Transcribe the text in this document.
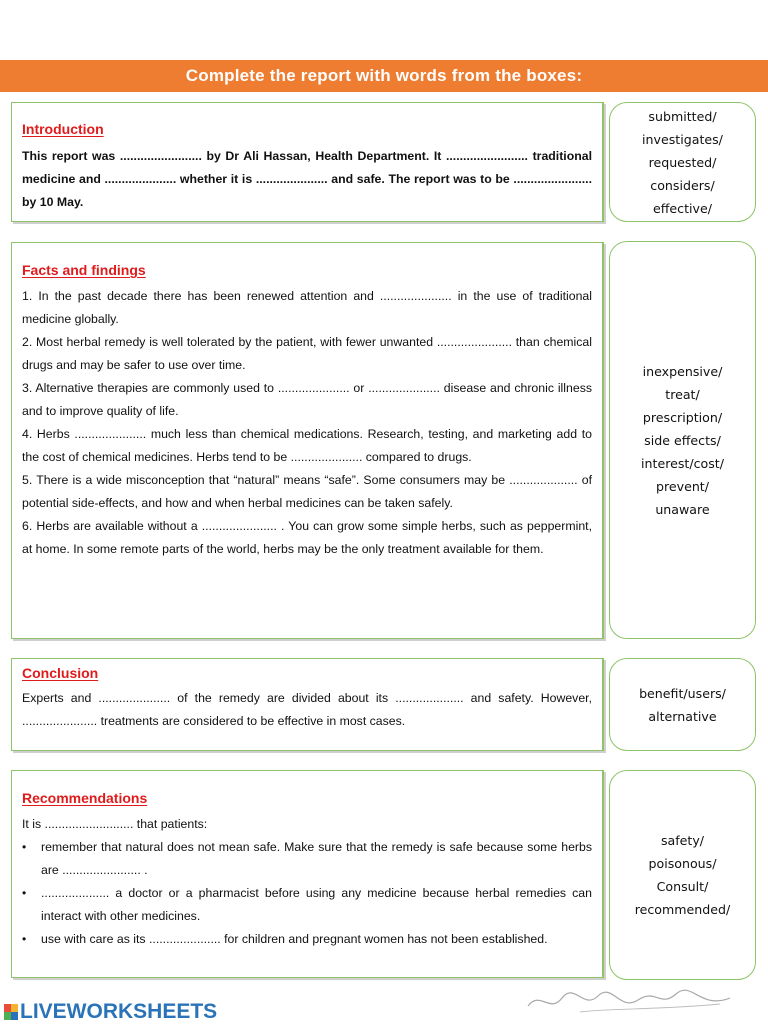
Complete the report with words from the boxes:
Introduction

This report was ........................ by Dr Ali Hassan, Health Department. It ........................ traditional medicine and ..................... whether it is ..................... and safe. The report was to be ....................... by 10 May.

submitted/
investigates/
requested/
considers/
effective/
Facts and findings
1. In the past decade there has been renewed attention and ..................... in the use of traditional medicine globally.
2. Most herbal remedy is well tolerated by the patient, with fewer unwanted ...................... than chemical drugs and may be safer to use over time.
3. Alternative therapies are commonly used to ..................... or ..................... disease and chronic illness and to improve quality of life.
4. Herbs ..................... much less than chemical medications. Research, testing, and marketing add to the cost of chemical medicines. Herbs tend to be ..................... compared to drugs.
5. There is a wide misconception that “natural” means “safe”. Some consumers may be .................... of potential side-effects, and how and when herbal medicines can be taken safely.
6. Herbs are available without a ...................... . You can grow some simple herbs, such as peppermint, at home. In some remote parts of the world, herbs may be the only treatment available for them.
inexpensive/
treat/
prescription/
side effects/
interest/cost/
prevent/
unaware
Conclusion

Experts and ..................... of the remedy are divided about its .................... and safety. However, ...................... treatments are considered to be effective in most cases.

benefit/users/
alternative
Recommendations
It is .......................... that patients:
• remember that natural does not mean safe. Make sure that the remedy is safe because some herbs are ....................... .
• .................... a doctor or a pharmacist before using any medicine because herbal remedies can interact with other medicines.
• use with care as its ..................... for children and pregnant women has not been established.
safety/
poisonous/
Consult/
recommended/
LIVEWORKSHEETS
